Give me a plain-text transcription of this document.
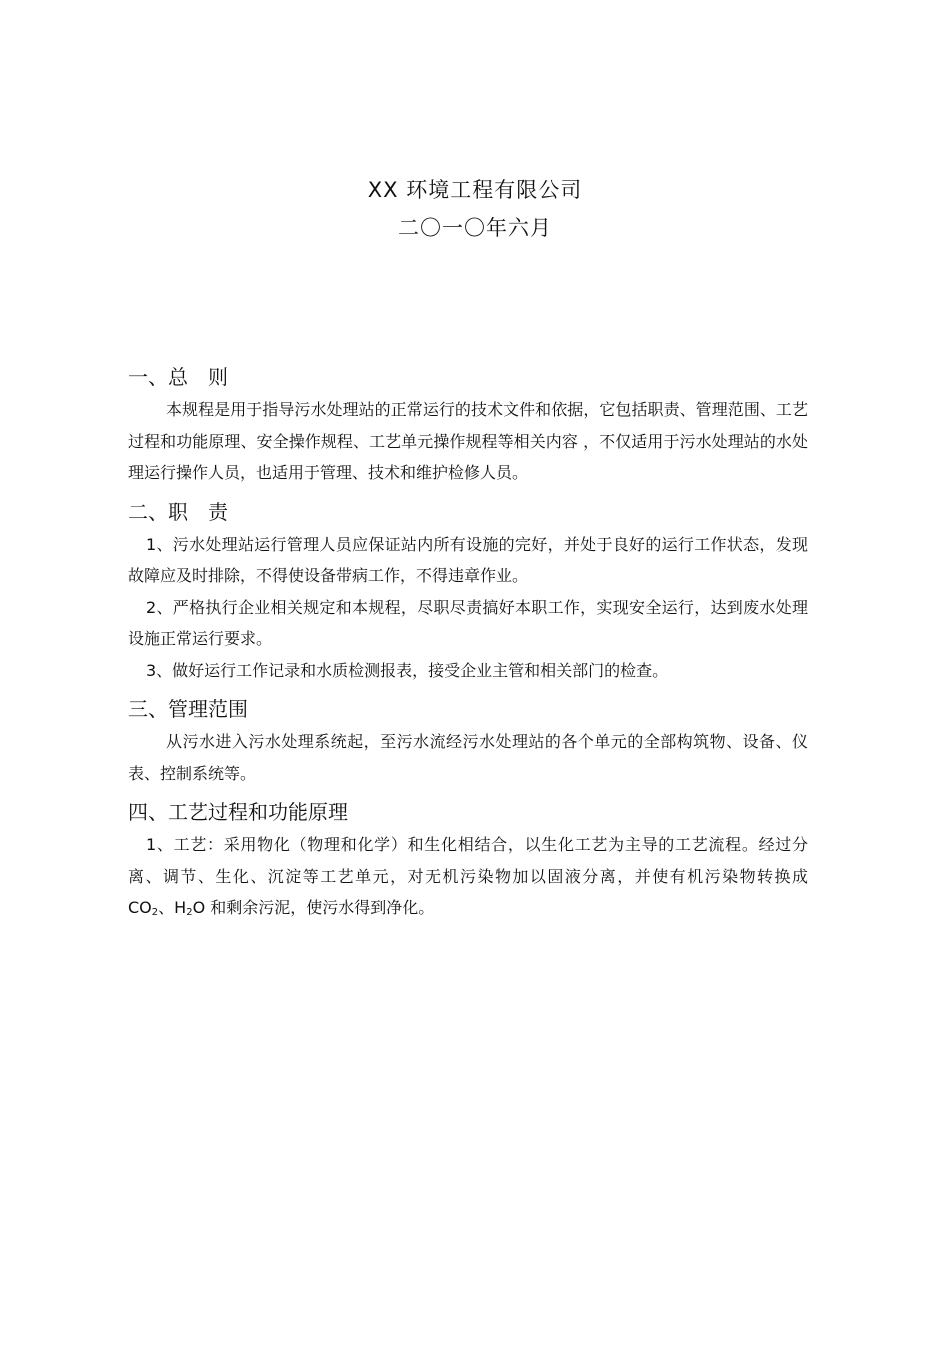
XX 环境工程有限公司
二〇一〇年六月
一、总　则

本规程是用于指导污水处理站的正常运行的技术文件和依据，它包括职责、管理范围、工艺过程和功能原理、安全操作规程、工艺单元操作规程等相关内容 ，不仅适用于污水处理站的水处理运行操作人员，也适用于管理、技术和维护检修人员。

二、职　责

1、污水处理站运行管理人员应保证站内所有设施的完好，并处于良好的运行工作状态，发现故障应及时排除，不得使设备带病工作，不得违章作业。

2、严格执行企业相关规定和本规程，尽职尽责搞好本职工作，实现安全运行，达到废水处理设施正常运行要求。

3、做好运行工作记录和水质检测报表，接受企业主管和相关部门的检查。

三、管理范围

从污水进入污水处理系统起，至污水流经污水处理站的各个单元的全部构筑物、设备、仪表、控制系统等。

四、工艺过程和功能原理

1、工艺：采用物化（物理和化学）和生化相结合，以生化工艺为主导的工艺流程。经过分离、调节、生化、沉淀等工艺单元，对无机污染物加以固液分离，并使有机污染物转换成　$CO_2$、$H_2O$ 和剩余污泥，使污水得到净化。
